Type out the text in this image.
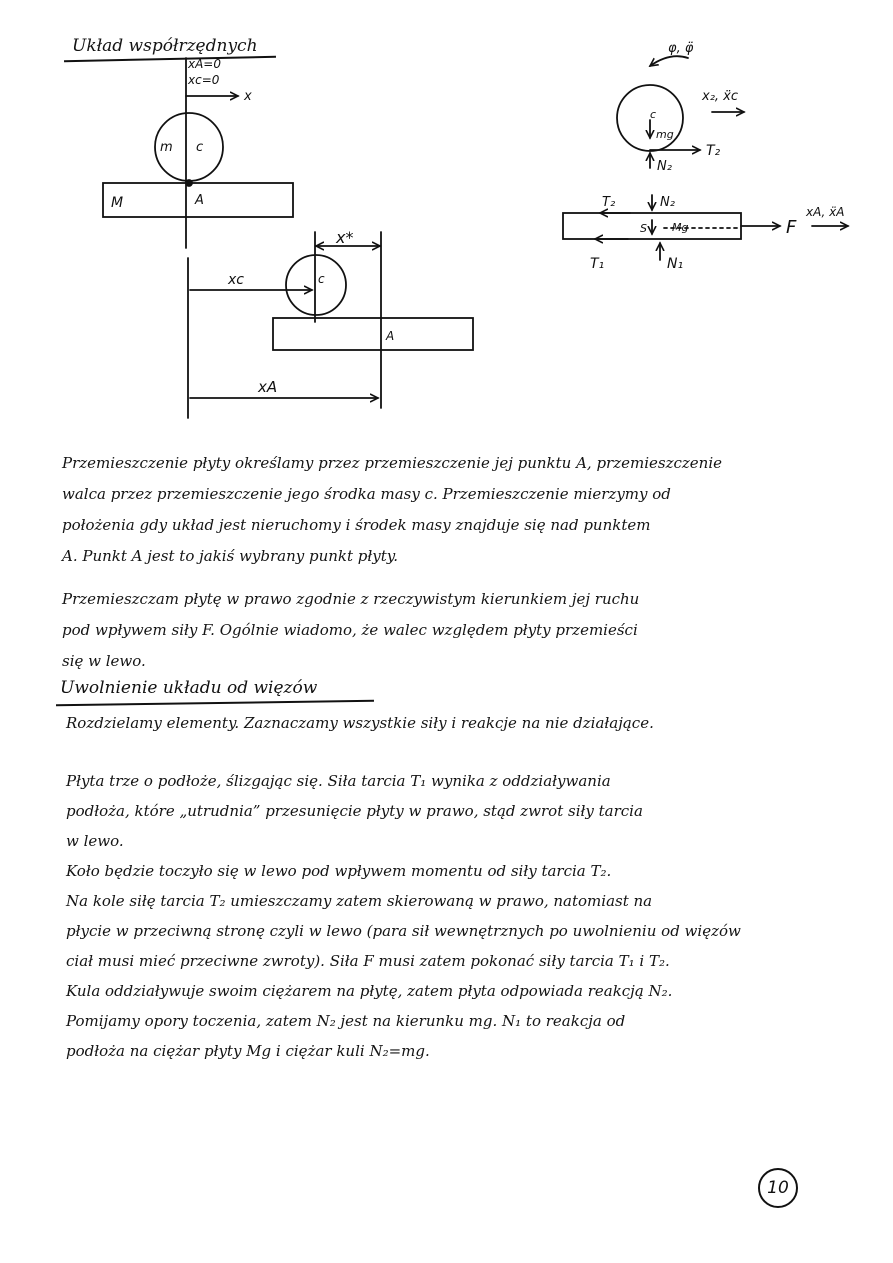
Układ współrzędnych
xA=0
xc=0
x
m c
M	A
x*
c
A
xc
xA
φ, φ̈
x₂, ẍc
c
mg
T₂
N₂
T₂	N₂
S Mg	F
xA, ẍA
T₁	N₁
Przemieszczenie płyty określamy przez przemieszczenie jej punktu A, przemieszczenie
walca przez przemieszczenie jego środka masy c. Przemieszczenie mierzymy od
położenia gdy układ jest nieruchomy i środek masy znajduje się nad punktem
A. Punkt A jest to jakiś wybrany punkt płyty.
Przemieszczam płytę w prawo zgodnie z rzeczywistym kierunkiem jej ruchu
pod wpływem siły F. Ogólnie wiadomo, że walec względem płyty przemieści
się w lewo.
Uwolnienie układu od więzów
Rozdzielamy elementy. Zaznaczamy wszystkie siły i reakcje na nie działające.
Płyta trze o podłoże, ślizgając się. Siła tarcia T₁ wynika z oddziaływania
podłoża, które „utrudnia” przesunięcie płyty w prawo, stąd zwrot siły tarcia
w lewo.
Koło będzie toczyło się w lewo pod wpływem momentu od siły tarcia T₂.
Na kole siłę tarcia T₂ umieszczamy zatem skierowaną w prawo, natomiast na
płycie w przeciwną stronę czyli w lewo (para sił wewnętrznych po uwolnieniu od więzów
ciał musi mieć przeciwne zwroty). Siła F musi zatem pokonać siły tarcia T₁ i T₂.
Kula oddziaływuje swoim ciężarem na płytę, zatem płyta odpowiada reakcją N₂.
Pomijamy opory toczenia, zatem N₂ jest na kierunku mg. N₁ to reakcja od
podłoża na ciężar płyty Mg i ciężar kuli N₂=mg.
10
